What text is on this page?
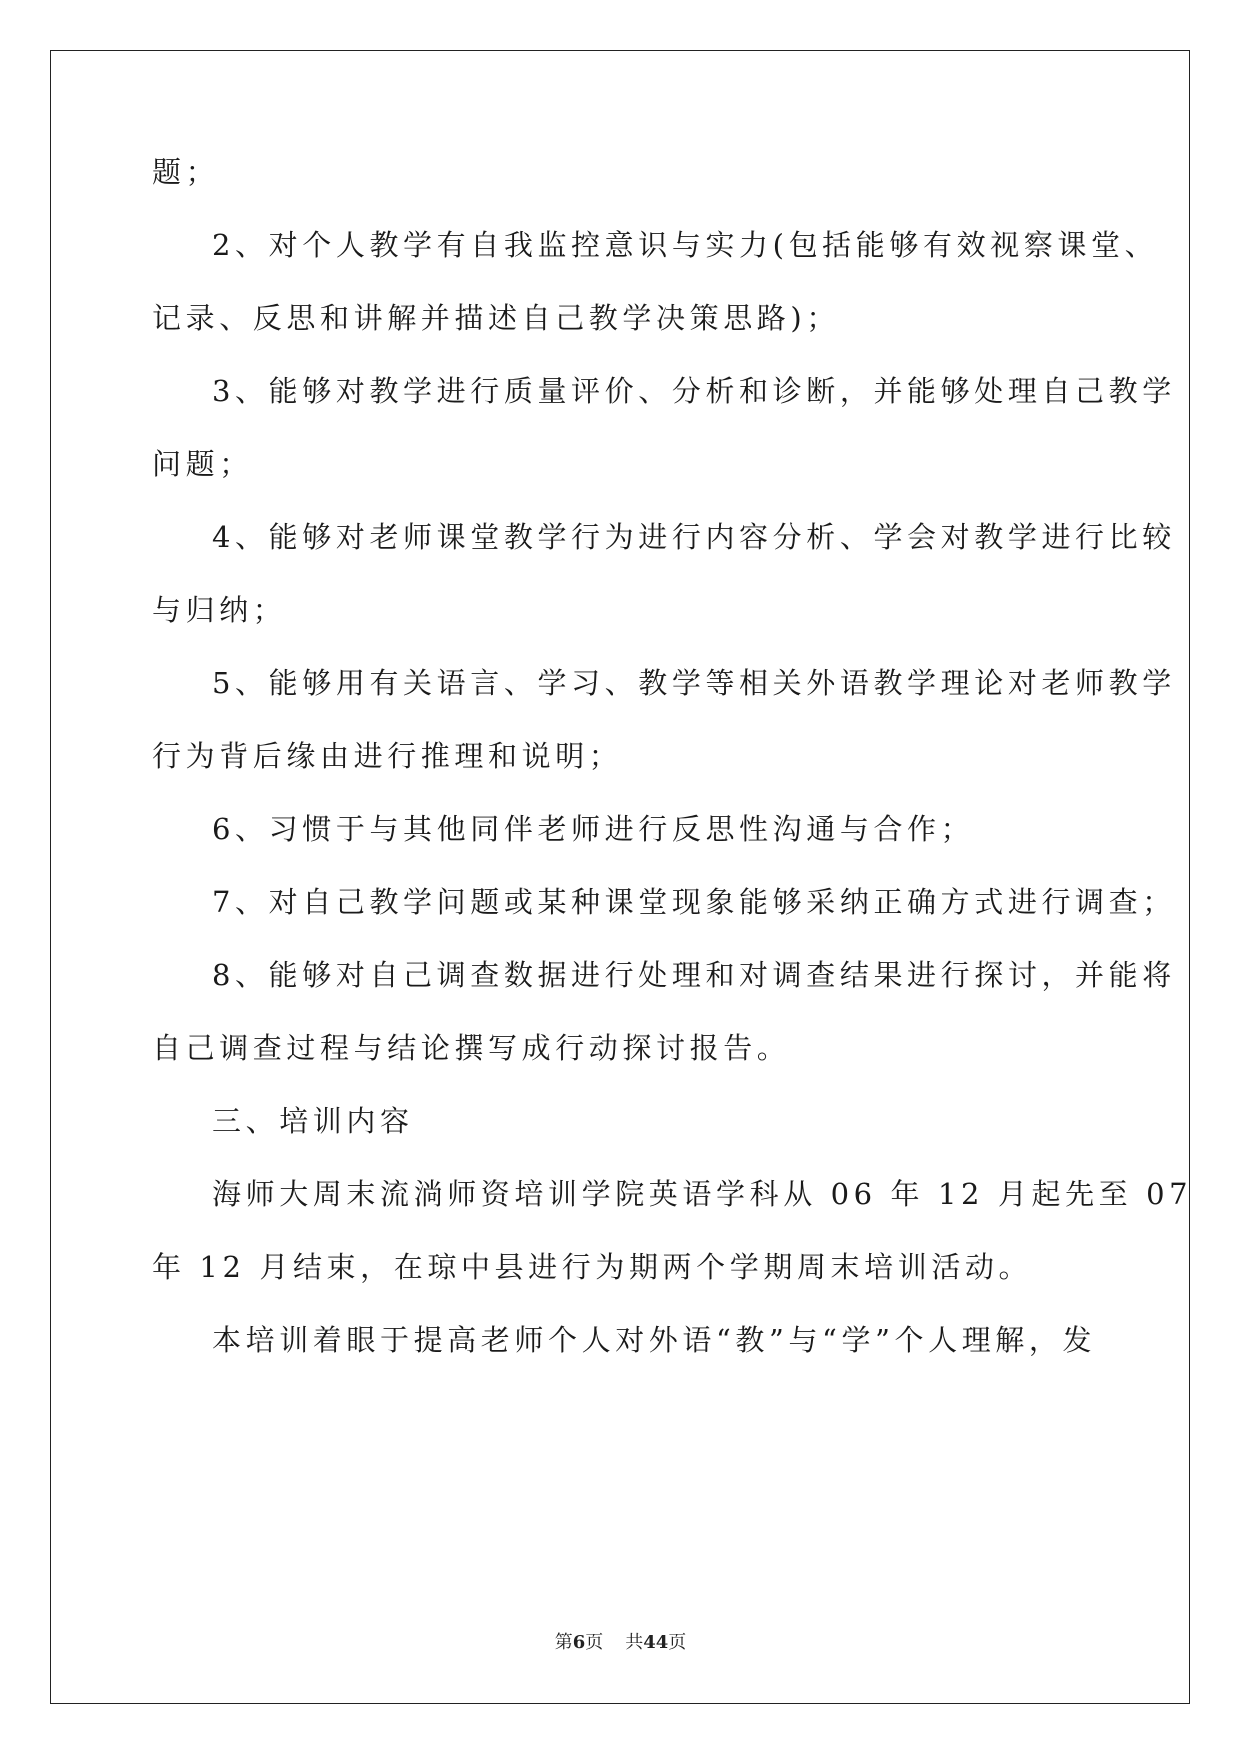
题；
2、对个人教学有自我监控意识与实力(包括能够有效视察课堂、
记录、反思和讲解并描述自己教学决策思路)；
3、能够对教学进行质量评价、分析和诊断，并能够处理自己教学
问题；
4、能够对老师课堂教学行为进行内容分析、学会对教学进行比较
与归纳；
5、能够用有关语言、学习、教学等相关外语教学理论对老师教学
行为背后缘由进行推理和说明；
6、习惯于与其他同伴老师进行反思性沟通与合作；
7、对自己教学问题或某种课堂现象能够采纳正确方式进行调查；
8、能够对自己调查数据进行处理和对调查结果进行探讨，并能将
自己调查过程与结论撰写成行动探讨报告。
三、培训内容
海师大周末流淌师资培训学院英语学科从 06 年 12 月起先至 07
年 12 月结束，在琼中县进行为期两个学期周末培训活动。
本培训着眼于提高老师个人对外语“教”与“学”个人理解，发
第6页 共44页
